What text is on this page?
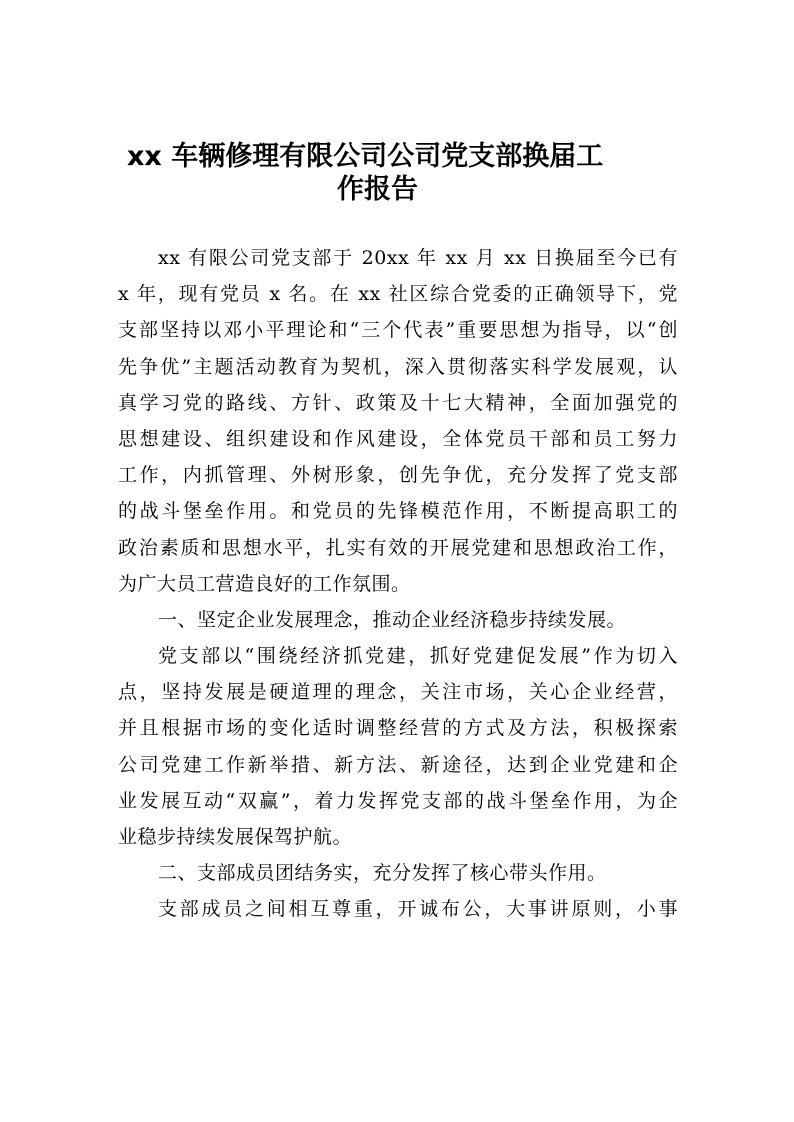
xx 车辆修理有限公司公司党支部换届工
作报告
xx 有限公司党支部于 20xx 年 xx 月 xx 日换届至今已有
x 年，现有党员 x 名。在 xx 社区综合党委的正确领导下，党
支部坚持以邓小平理论和“三个代表”重要思想为指导，以“创
先争优”主题活动教育为契机，深入贯彻落实科学发展观，认
真学习党的路线、方针、政策及十七大精神，全面加强党的
思想建设、组织建设和作风建设，全体党员干部和员工努力
工作，内抓管理、外树形象，创先争优，充分发挥了党支部
的战斗堡垒作用。和党员的先锋模范作用，不断提高职工的
政治素质和思想水平，扎实有效的开展党建和思想政治工作，
为广大员工营造良好的工作氛围。
一、坚定企业发展理念，推动企业经济稳步持续发展。
党支部以“围绕经济抓党建，抓好党建促发展”作为切入
点，坚持发展是硬道理的理念，关注市场，关心企业经营，
并且根据市场的变化适时调整经营的方式及方法，积极探索
公司党建工作新举措、新方法、新途径，达到企业党建和企
业发展互动“双赢”，着力发挥党支部的战斗堡垒作用，为企
业稳步持续发展保驾护航。
二、支部成员团结务实，充分发挥了核心带头作用。
支部成员之间相互尊重，开诚布公，大事讲原则，小事
